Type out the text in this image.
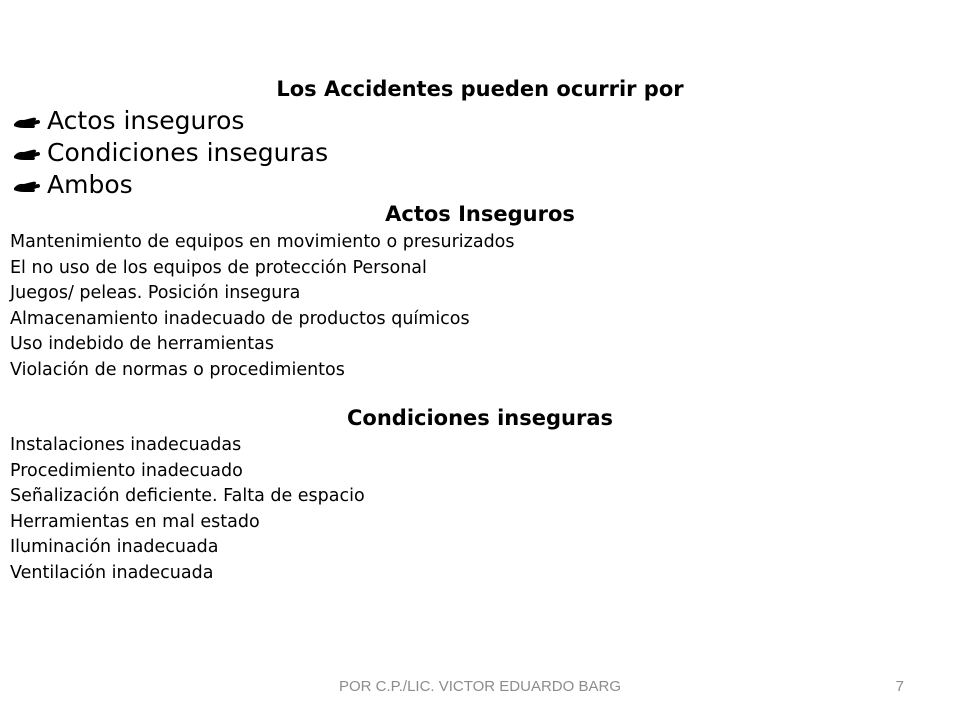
Los Accidentes pueden ocurrir por
Actos inseguros
Condiciones inseguras
Ambos
Actos Inseguros
Mantenimiento de equipos en movimiento o presurizados
El no uso de los equipos de protección Personal
Juegos/ peleas. Posición insegura
Almacenamiento inadecuado de productos químicos
Uso indebido de herramientas
Violación de normas o procedimientos
Condiciones inseguras
Instalaciones inadecuadas
Procedimiento inadecuado
Señalización deficiente. Falta de espacio
Herramientas en mal estado
Iluminación inadecuada
Ventilación inadecuada
POR C.P./LIC. VICTOR EDUARDO BARG	7
